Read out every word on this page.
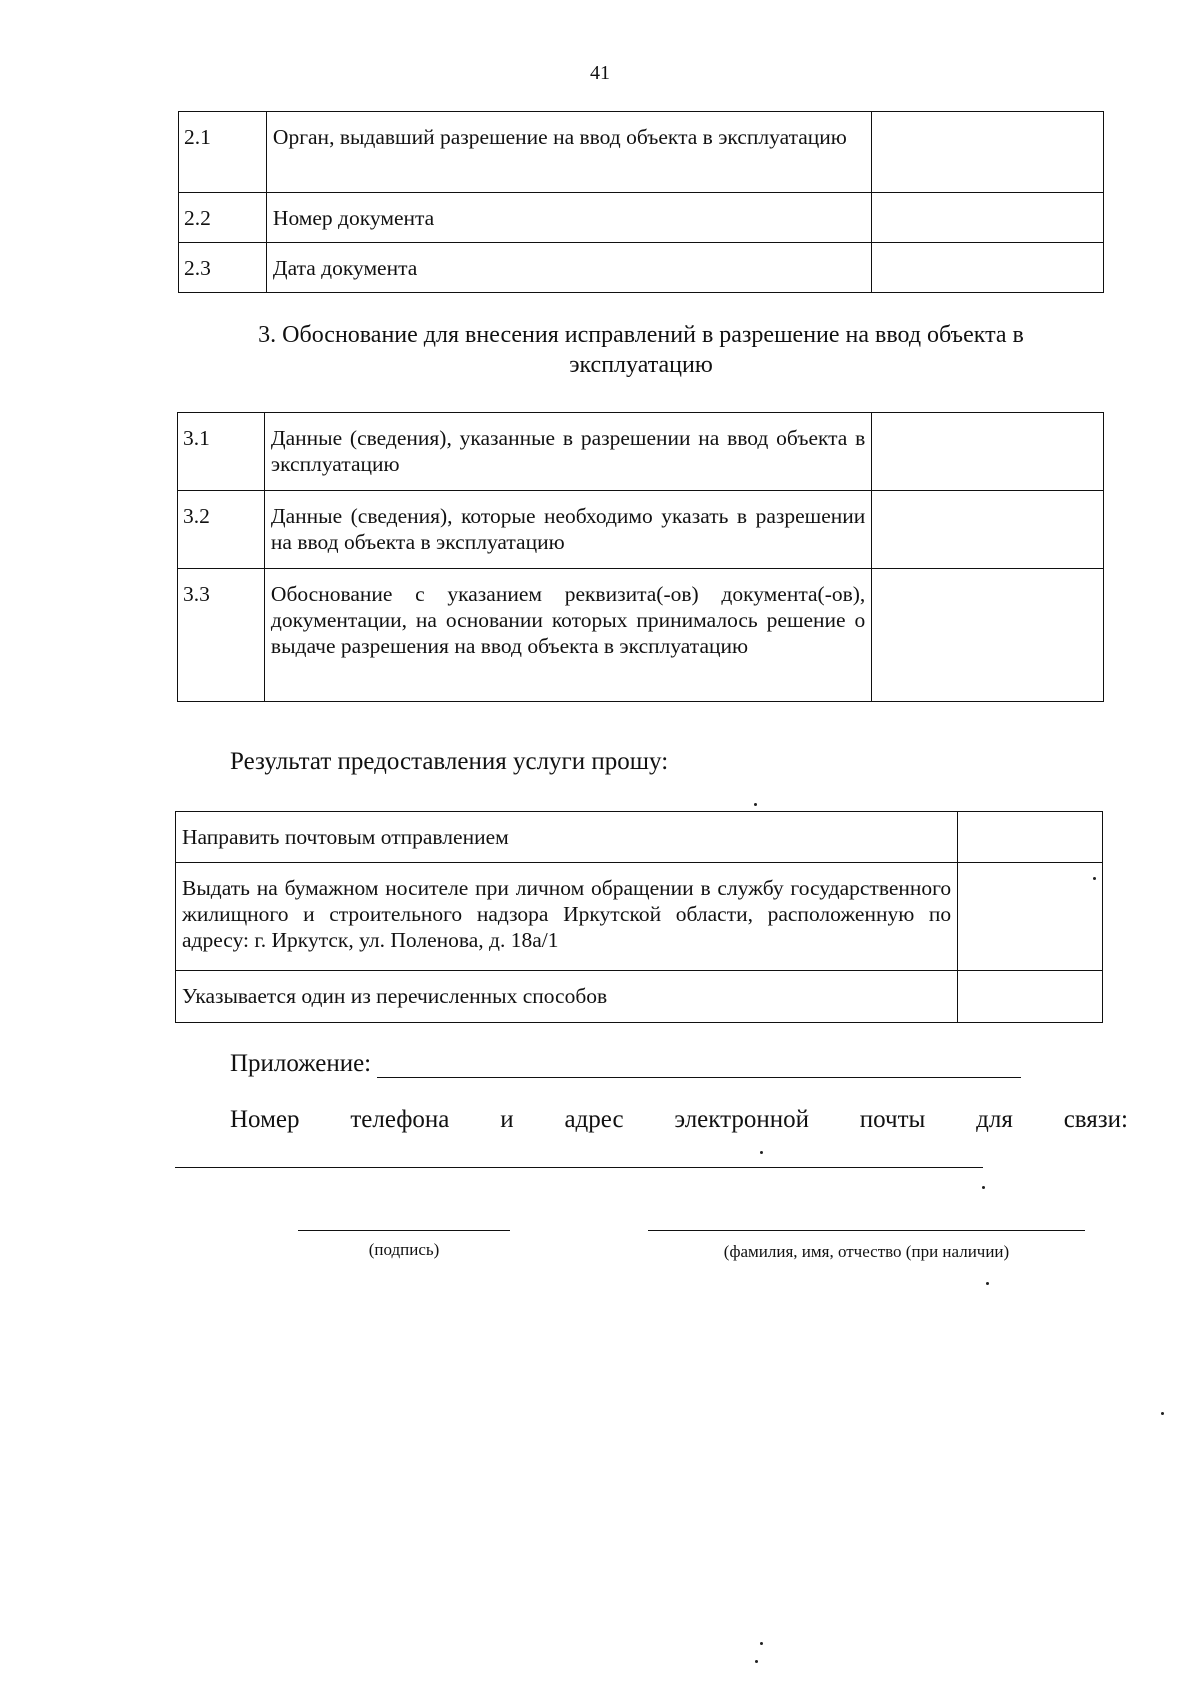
41
2.1	Орган, выдавший разрешение на ввод объекта в эксплуатацию	
2.2	Номер документа	
2.3	Дата документа	
3. Обоснование для внесения исправлений в разрешение на ввод объекта в
эксплуатацию
3.1	Данные (сведения), указанные в разрешении на ввод объекта в эксплуатацию	
3.2	Данные (сведения), которые необходимо указать в разрешении на ввод объекта в эксплуатацию	
3.3	Обоснование с указанием реквизита(-ов) документа(-ов), документации, на основании которых принималось решение о выдаче разрешения на ввод объекта в эксплуатацию	
Результат предоставления услуги прошу:
Направить почтовым отправлением	
Выдать на бумажном носителе при личном обращении в службу государственного жилищного и строительного надзора Иркутской области, расположенную по адресу: г. Иркутск, ул. Поленова, д. 18а/1	
Указывается один из перечисленных способов	
Приложение:
Номер телефона и адрес электронной почты для связи:
(подпись)	(фамилия, имя, отчество (при наличии)
